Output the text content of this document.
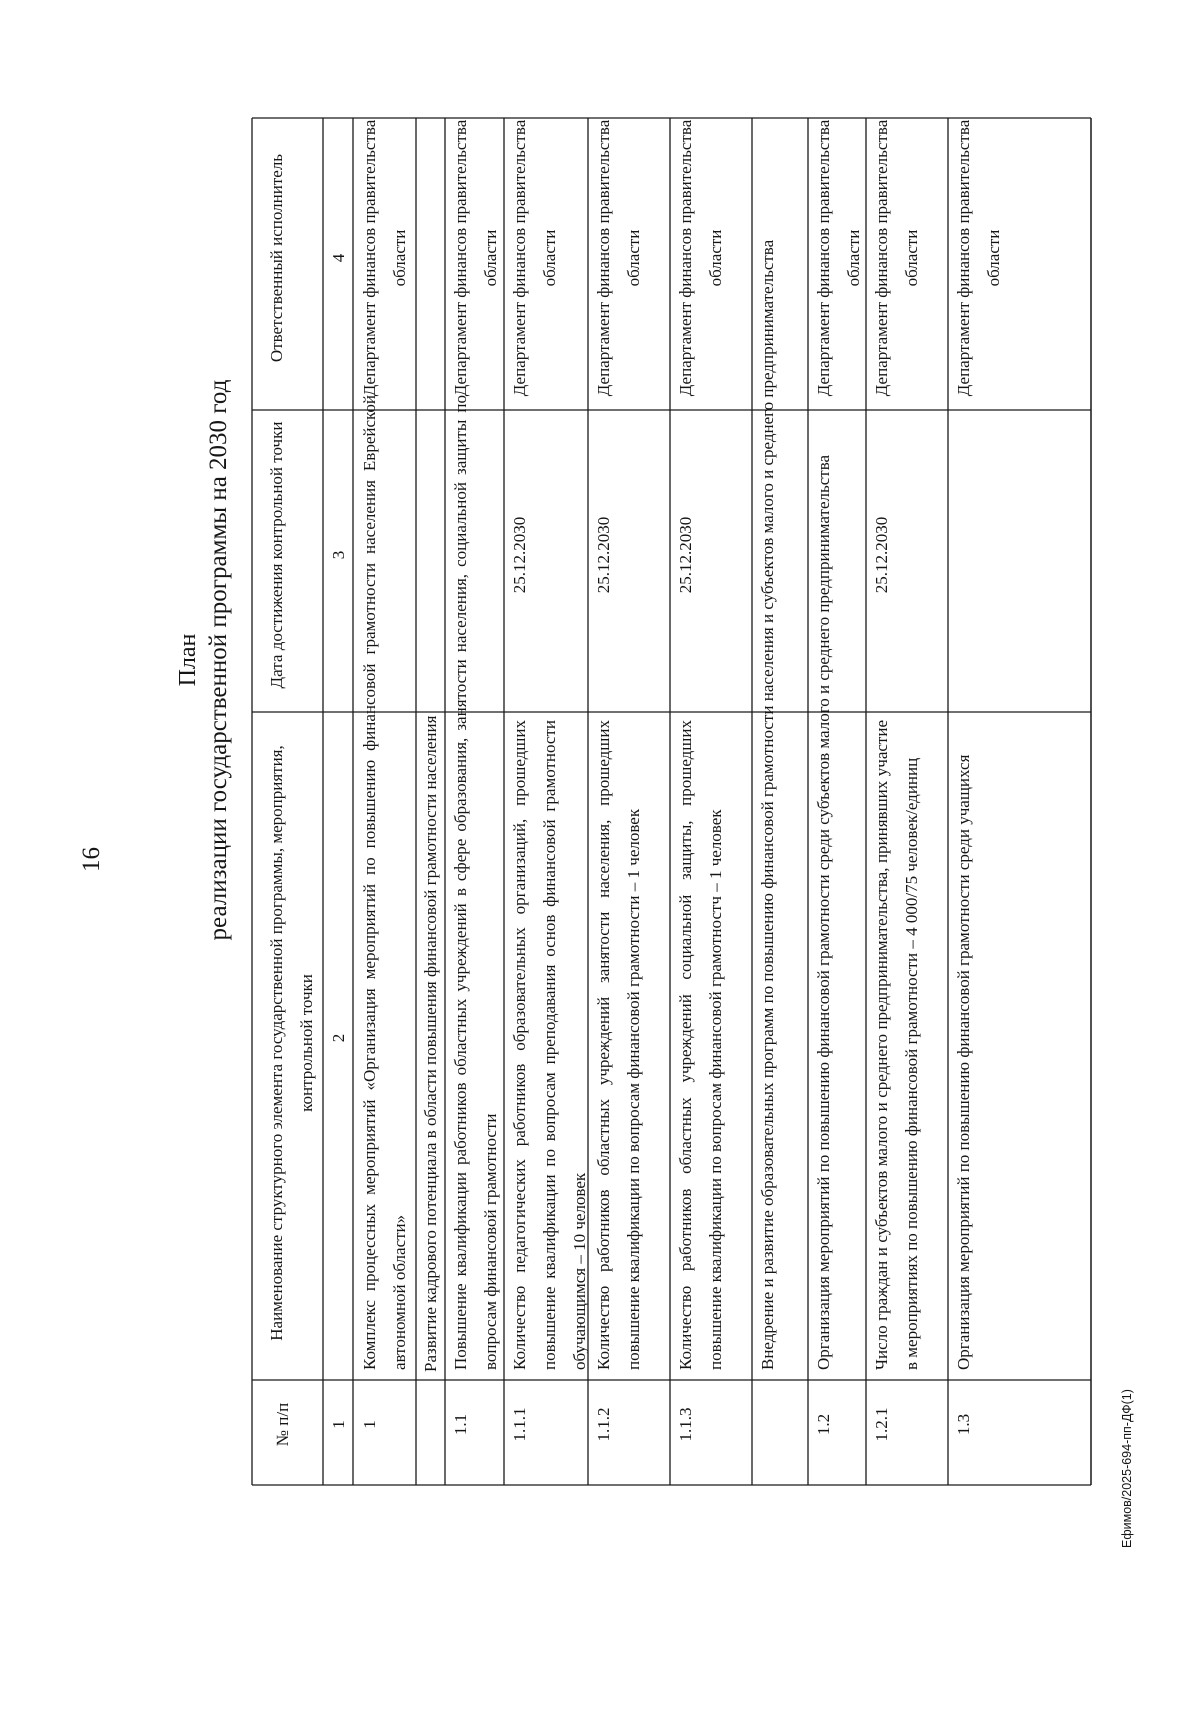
16
План реализации государственной программы на 2030 год
Ефимов/2025-694-пп-ДФ(1)
№ п/п
Наименование структурного элемента государственной программы, мероприятия, контрольной точки
Дата достижения контрольной точки
Ответственный исполнитель
1
2
3
4
1
Комплекс процессных мероприятий «Организация мероприятий по повышению финансовой грамотности населения Еврейской автономной области»
Департамент финансов правительства области
Развитие кадрового потенциала в области повышения финансовой грамотности населения
1.1
Повышение квалификации работников областных учреждений в сфере образования, занятости населения, социальной защиты по вопросам финансовой грамотности
Департамент финансов правительства области
1.1.1
Количество педагогических работников образовательных организаций, прошедших повышение квалификации по вопросам преподавания основ финансовой грамотности обучающимся – 10 человек
25.12.2030
Департамент финансов правительства области
1.1.2
Количество работников областных учреждений занятости населения, прошедших повышение квалификации по вопросам финансовой грамотности – 1 человек
25.12.2030
Департамент финансов правительства области
1.1.3
Количество работников областных учреждений социальной защиты, прошедших повышение квалификации по вопросам финансовой грамотностч – 1 человек
25.12.2030
Департамент финансов правительства области	Внедрение и развитие образовательных программ по повышению финансовой грамотности населения и субъектов малого и среднего предпринимательства
1.2
Организация мероприятий по повышению финансовой грамотности среди субъектов малого и среднего предпринимательства
Департамент финансов правительства области
1.2.1
Число граждан и субъектов малого и среднего предпринимательства, принявших участие в мероприятиях по повышению финансовой грамотности – 4 000/75 человек/единиц
25.12.2030
Департамент финансов правительства области
1.3
Организация мероприятий по повышению финансовой грамотности среди учащихся
Департамент финансов правительства области
